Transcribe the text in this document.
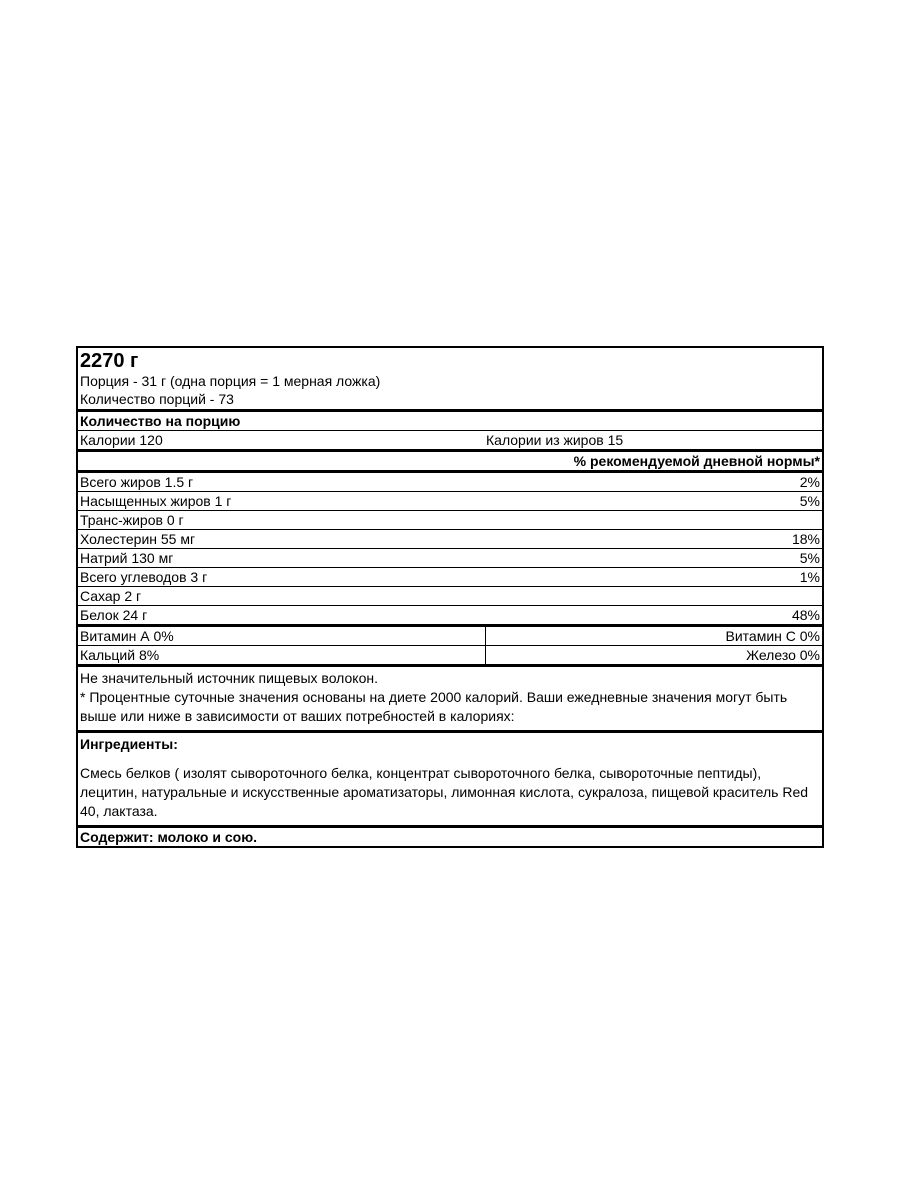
2270 г
Порция - 31 г (одна порция = 1 мерная ложка)
Количество порций - 73
Количество на порцию
Калории 120	Калории из жиров 15
% рекомендуемой дневной нормы*
Всего жиров 1.5 г	2%
Насыщенных жиров 1 г	5%
Транс-жиров 0 г
Холестерин 55 мг	18%
Натрий 130 мг	5%
Всего углеводов 3 г	1%
Сахар 2 г
Белок 24 г	48%
Витамин А 0%	Витамин С 0%
Кальций 8%	Железо 0%
Не значительный источник пищевых волокон.
* Процентные суточные значения основаны на диете 2000 калорий. Ваши ежедневные значения могут быть выше или ниже в зависимости от ваших потребностей в калориях:
Ингредиенты:
Смесь белков ( изолят сывороточного белка, концентрат сывороточного белка, сывороточные пептиды), лецитин, натуральные и искусственные ароматизаторы, лимонная кислота, сукралоза, пищевой краситель Red 40, лактаза.
Содержит: молоко и сою.
